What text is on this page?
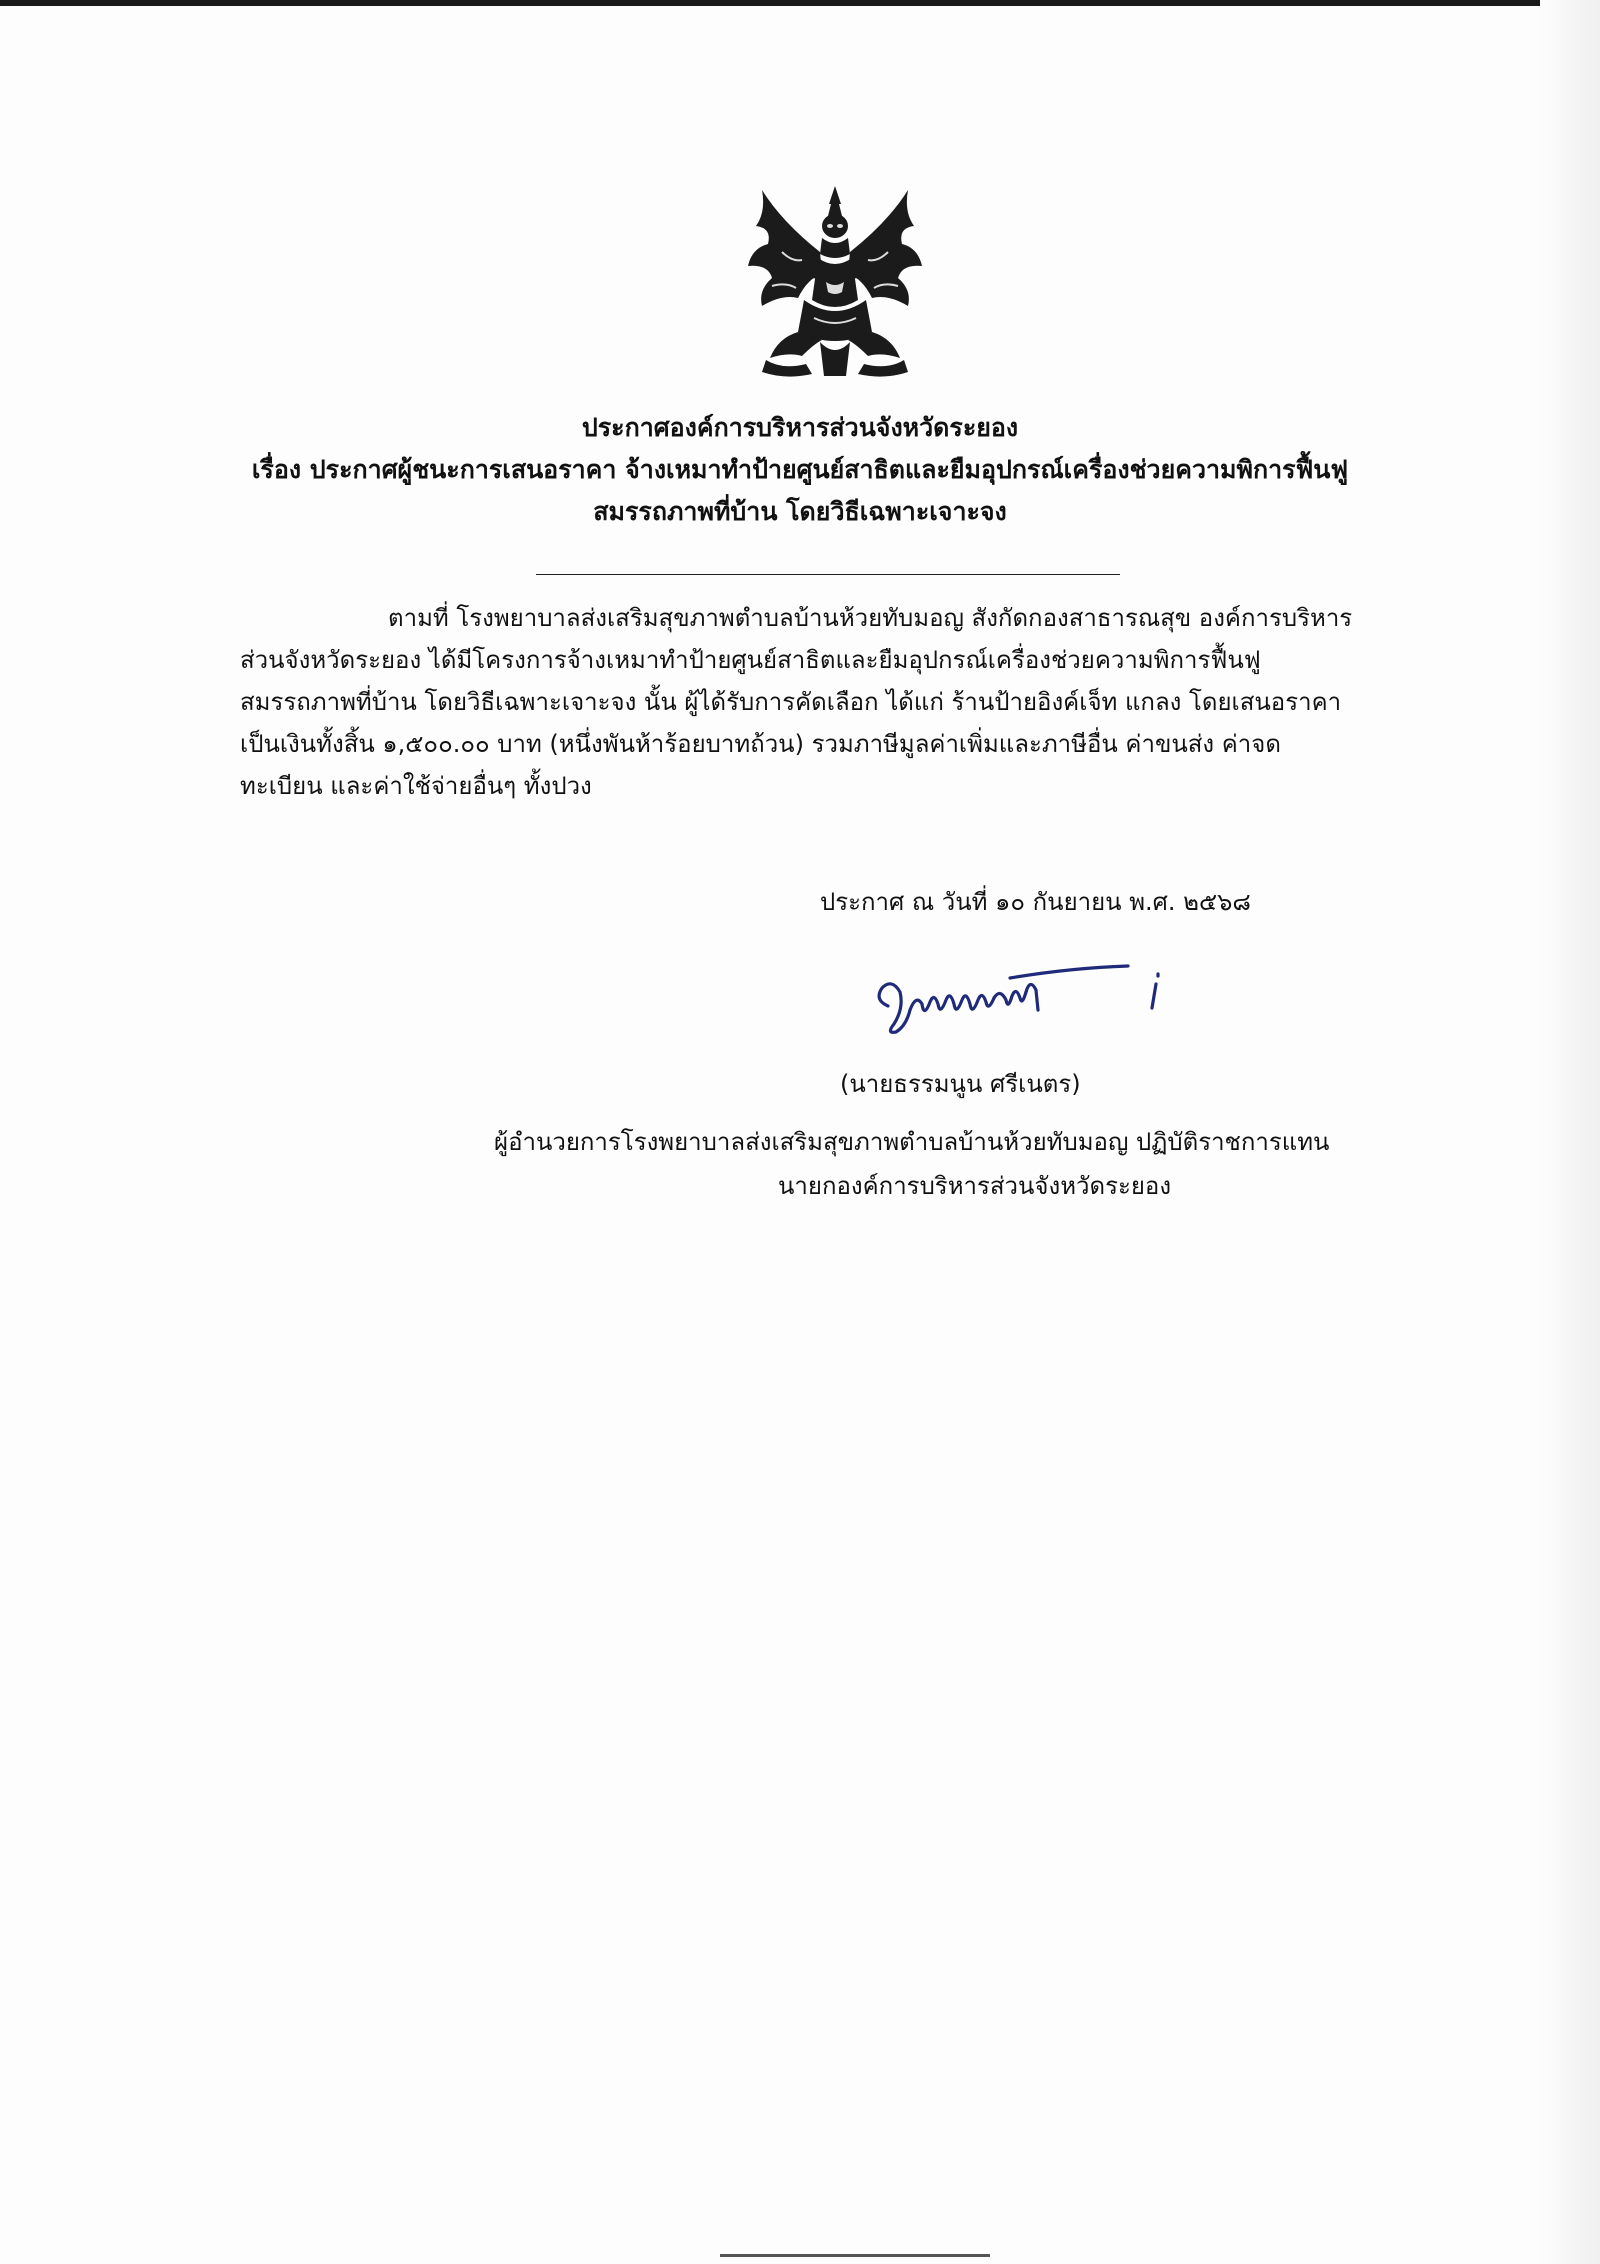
ประกาศองค์การบริหารส่วนจังหวัดระยอง
เรื่อง ประกาศผู้ชนะการเสนอราคา จ้างเหมาทำป้ายศูนย์สาธิตและยืมอุปกรณ์เครื่องช่วยความพิการฟื้นฟู
สมรรถภาพที่บ้าน โดยวิธีเฉพาะเจาะจง
ตามที่ โรงพยาบาลส่งเสริมสุขภาพตำบลบ้านห้วยทับมอญ สังกัดกองสาธารณสุข องค์การบริหาร
ส่วนจังหวัดระยอง ได้มีโครงการจ้างเหมาทำป้ายศูนย์สาธิตและยืมอุปกรณ์เครื่องช่วยความพิการฟื้นฟู
สมรรถภาพที่บ้าน โดยวิธีเฉพาะเจาะจง นั้น ผู้ได้รับการคัดเลือก ได้แก่ ร้านป้ายอิงค์เจ็ท แกลง โดยเสนอราคา
เป็นเงินทั้งสิ้น ๑,๕๐๐.๐๐ บาท (หนึ่งพันห้าร้อยบาทถ้วน) รวมภาษีมูลค่าเพิ่มและภาษีอื่น ค่าขนส่ง ค่าจด
ทะเบียน และค่าใช้จ่ายอื่นๆ ทั้งปวง
ประกาศ ณ วันที่ ๑๐ กันยายน พ.ศ. ๒๕๖๘
(นายธรรมนูน ศรีเนตร)
ผู้อำนวยการโรงพยาบาลส่งเสริมสุขภาพตำบลบ้านห้วยทับมอญ ปฏิบัติราชการแทน
นายกองค์การบริหารส่วนจังหวัดระยอง
